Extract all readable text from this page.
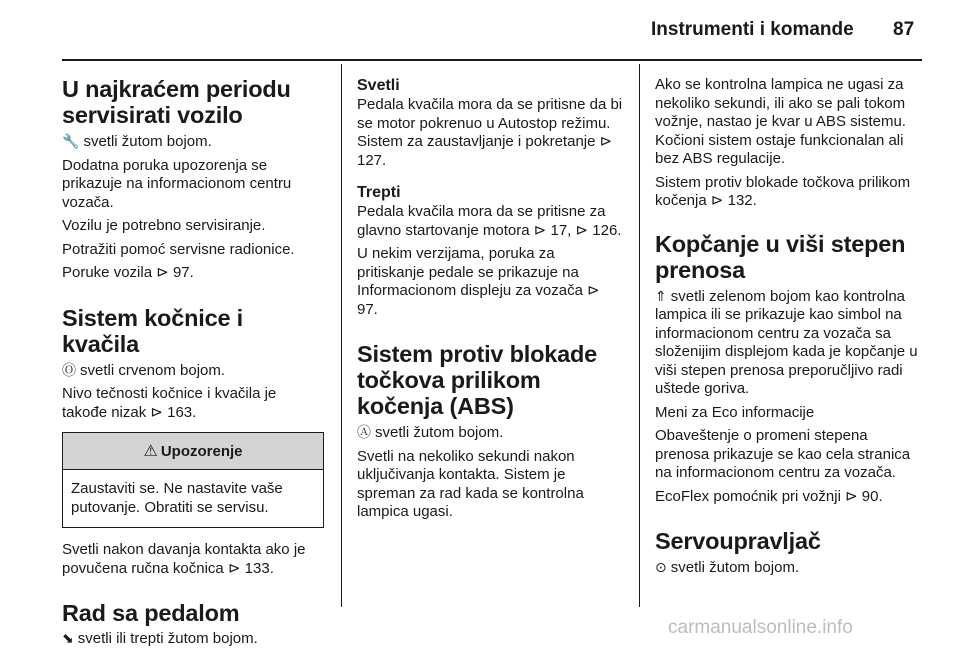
Instrumenti i komande 87
U najkraćem periodu servisirati vozilo

🔧 svetli žutom bojom.

Dodatna poruka upozorenja se prikazuje na informacionom centru vozača.

Vozilu je potrebno servisiranje.

Potražiti pomoć servisne radionice.

Poruke vozila ⊳ 97.

Sistem kočnice i kvačila

Ⓞ svetli crvenom bojom.

Nivo tečnosti kočnice i kvačila je takođe nizak ⊳ 163.

⚠ Upozorenje

Zaustaviti se. Ne nastavite vaše putovanje. Obratiti se servisu.

Svetli nakon davanja kontakta ako je povučena ručna kočnica ⊳ 133.

Rad sa pedalom

⬊ svetli ili trepti žutom bojom.

Svetli

Pedala kvačila mora da se pritisne da bi se motor pokrenuo u Autostop režimu. Sistem za zaustavljanje i pokretanje ⊳ 127.

Trepti

Pedala kvačila mora da se pritisne za glavno startovanje motora ⊳ 17, ⊳ 126.

U nekim verzijama, poruka za pritiskanje pedale se prikazuje na Informacionom displeju za vozača ⊳ 97.

Sistem protiv blokade točkova prilikom kočenja (ABS)

Ⓐ svetli žutom bojom.

Svetli na nekoliko sekundi nakon uključivanja kontakta. Sistem je spreman za rad kada se kontrolna lampica ugasi.

Ako se kontrolna lampica ne ugasi za nekoliko sekundi, ili ako se pali tokom vožnje, nastao je kvar u ABS sistemu. Kočioni sistem ostaje funkcionalan ali bez ABS regulacije.

Sistem protiv blokade točkova prilikom kočenja ⊳ 132.

Kopčanje u viši stepen prenosa

⇑ svetli zelenom bojom kao kontrolna lampica ili se prikazuje kao simbol na informacionom centru za vozača sa složenijim displejom kada je kopčanje u viši stepen prenosa preporučljivo radi uštede goriva.

Meni za Eco informacije

Obaveštenje o promeni stepena prenosa prikazuje se kao cela stranica na informacionom centru za vozača.

EcoFlex pomoćnik pri vožnji ⊳ 90.

Servoupravljač

⊙ svetli žutom bojom.

carmanualsonline.info
